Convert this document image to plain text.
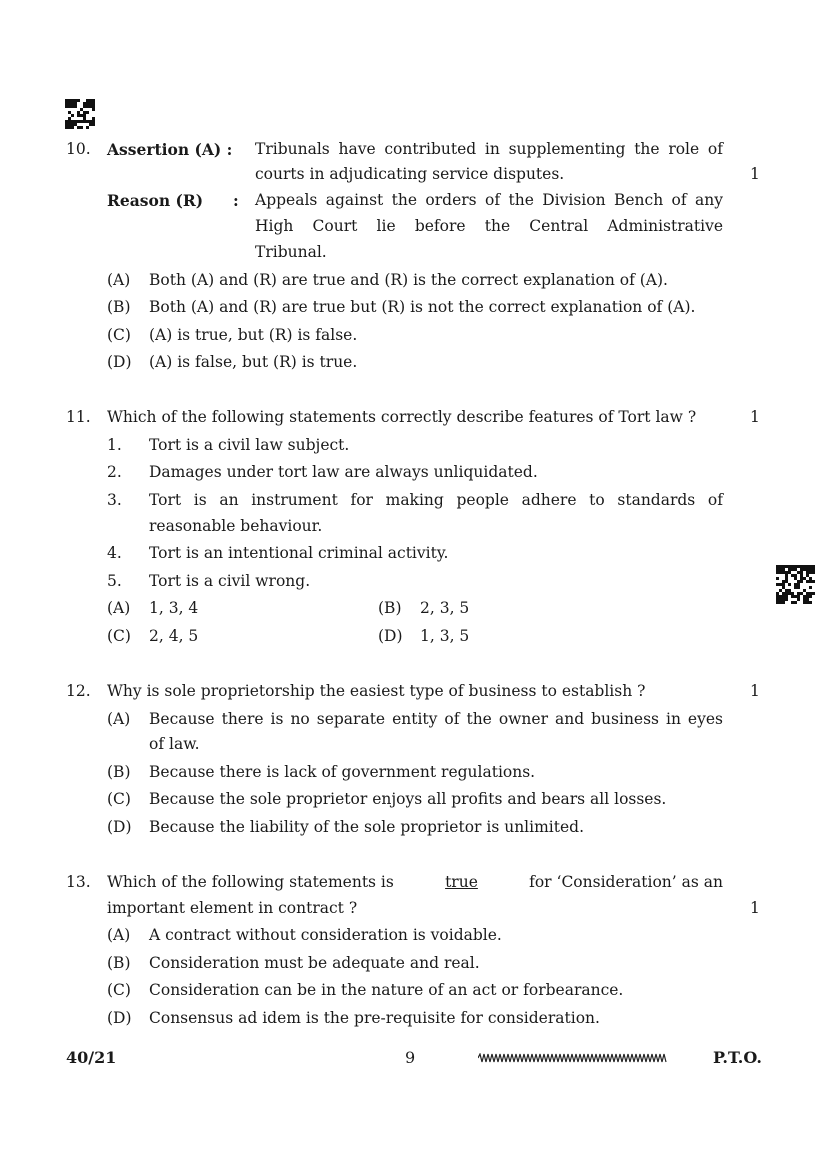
10. Assertion (A) : Tribunals have contributed in supplementing the role of
courts in adjudicating service disputes.	1
Reason (R) : Appeals against the orders of the Division Bench of any
High Court lie before the Central Administrative
Tribunal.
(A) Both (A) and (R) are true and (R) is the correct explanation of (A).
(B) Both (A) and (R) are true but (R) is not the correct explanation of (A).
(C) (A) is true, but (R) is false.
(D) (A) is false, but (R) is true.
11. Which of the following statements correctly describe features of Tort law ?	1
1. Tort is a civil law subject.
2. Damages under tort law are always unliquidated.
3. Tort is an instrument for making people adhere to standards of
reasonable behaviour.
4. Tort is an intentional criminal activity.
5. Tort is a civil wrong.
(A) 1, 3, 4	(B) 2, 3, 5
(C) 2, 4, 5	(D) 1, 3, 5
12. Why is sole proprietorship the easiest type of business to establish ?	1
(A) Because there is no separate entity of the owner and business in eyes
of law.
(B) Because there is lack of government regulations.
(C) Because the sole proprietor enjoys all profits and bears all losses.
(D) Because the liability of the sole proprietor is unlimited.
13. Which of the following statements is	true	for ‘Consideration’ as an
important element in contract ?	1
(A) A contract without consideration is voidable.
(B) Consideration must be adequate and real.
(C) Consideration can be in the nature of an act or forbearance.
(D) Consensus ad idem is the pre-requisite for consideration.
40/21	9	P.T.O.
